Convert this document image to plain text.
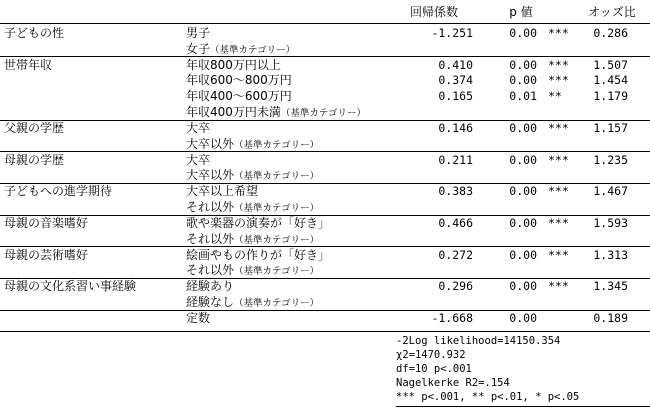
回帰係数	p 値	オッズ比
子どもの性	男子	-1.251	0.00 ***	0.286
女子（基準カテゴリー）
世帯年収	年収800万円以上	0.410	0.00 ***	1.507
年収600～800万円	0.374	0.00 ***	1.454
年収400～600万円	0.165	0.01 **	1.179
年収400万円未満（基準カテゴリー）
父親の学歴	大卒	0.146	0.00 ***	1.157
大卒以外（基準カテゴリー）
母親の学歴	大卒	0.211	0.00 ***	1.235
大卒以外（基準カテゴリー）
子どもへの進学期待	大卒以上希望	0.383	0.00 ***	1.467
それ以外（基準カテゴリー）
母親の音楽嗜好	歌や楽器の演奏が「好き」	0.466	0.00 ***	1.593
それ以外（基準カテゴリー）
母親の芸術嗜好	絵画やもの作りが「好き」	0.272	0.00 ***	1.313
それ以外（基準カテゴリー）
母親の文化系習い事経験	経験あり	0.296	0.00 ***	1.345
経験なし（基準カテゴリー）
定数	-1.668	0.00	0.189
-2Log likelihood=14150.354
χ2=1470.932
df=10 p<.001
Nagelkerke R2=.154
*** p<.001, ** p<.01, * p<.05
